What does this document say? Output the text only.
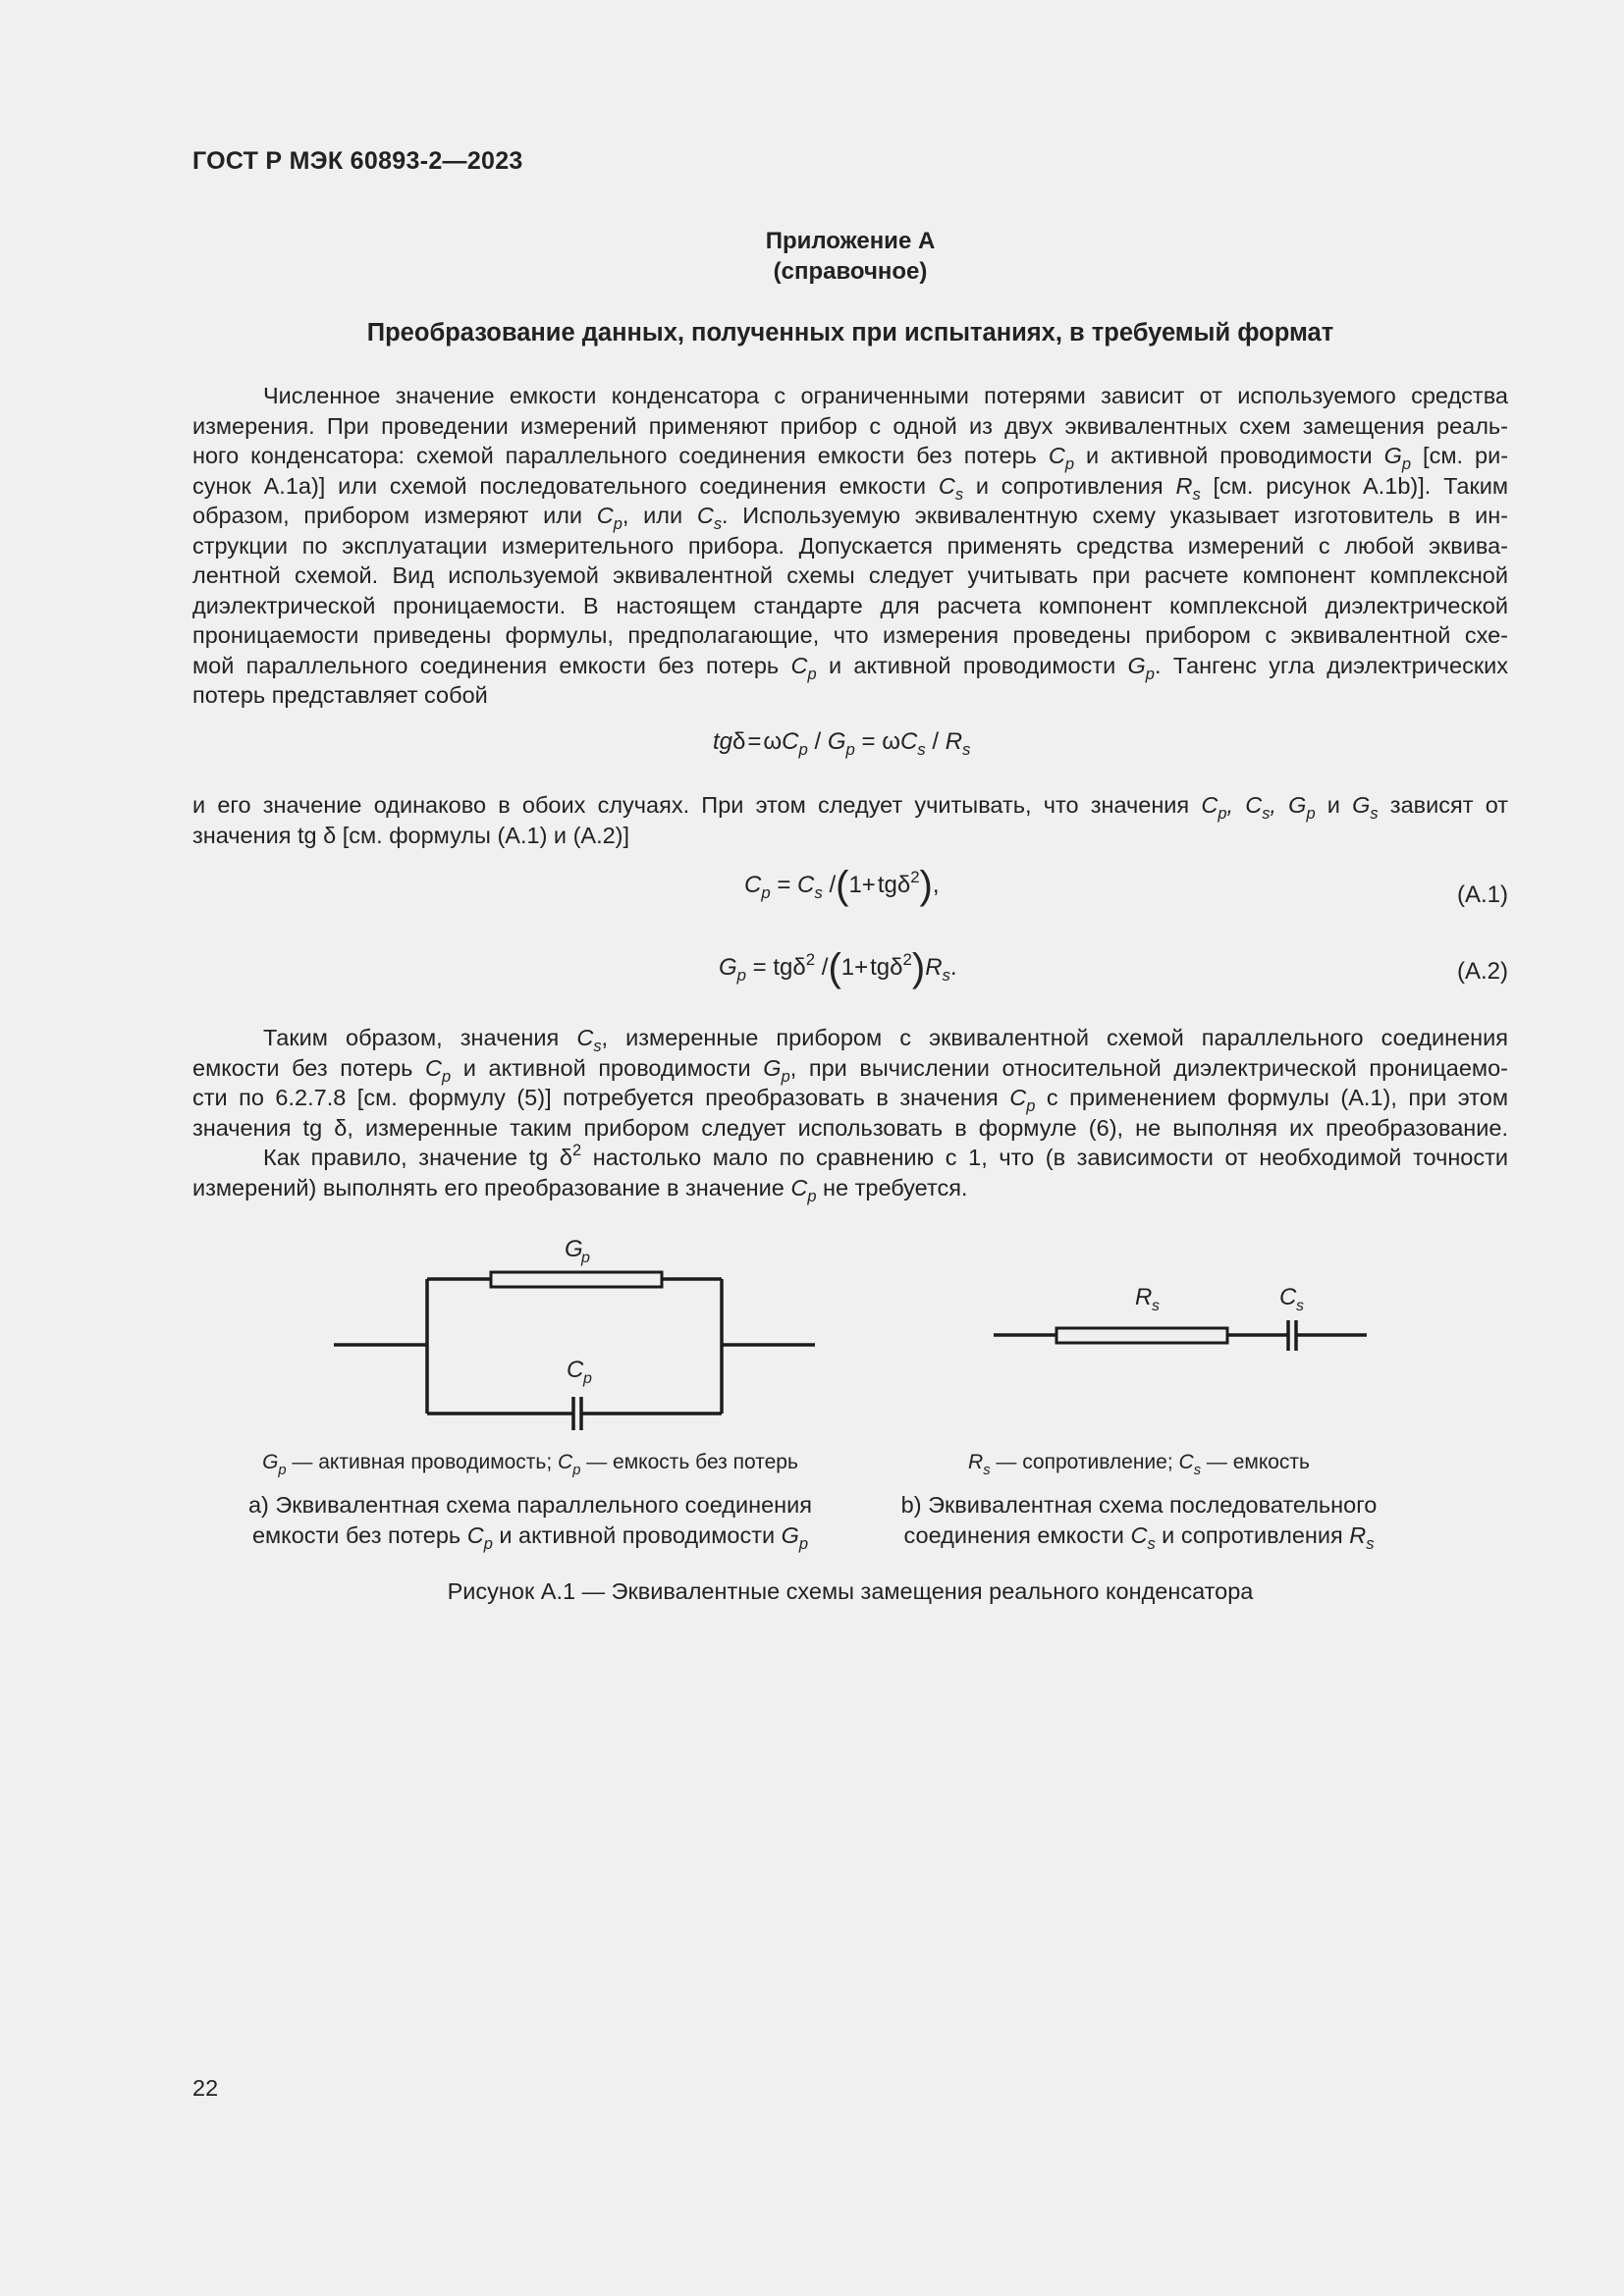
ГОСТ Р МЭК 60893-2—2023
Приложение А
(справочное)
Преобразование данных, полученных при испытаниях, в требуемый формат
Численное значение емкости конденсатора с ограниченными потерями зависит от используемого средства
измерения. При проведении измерений применяют прибор с одной из двух эквивалентных схем замещения реаль-
ного конденсатора: схемой параллельного соединения емкости без потерь $C_p$ и активной проводимости $G_p$ [см. ри-
сунок А.1а)] или схемой последовательного соединения емкости $C_s$ и сопротивления $R_s$ [см. рисунок А.1b)]. Таким
образом, прибором измеряют или $C_p$, или $C_s$. Используемую эквивалентную схему указывает изготовитель в ин-
струкции по эксплуатации измерительного прибора. Допускается применять средства измерений с любой эквива-
лентной схемой. Вид используемой эквивалентной схемы следует учитывать при расчете компонент комплексной
диэлектрической проницаемости. В настоящем стандарте для расчета компонент комплексной диэлектрической
проницаемости приведены формулы, предполагающие, что измерения проведены прибором с эквивалентной схе-
мой параллельного соединения емкости без потерь $C_p$ и активной проводимости $G_p$. Тангенс угла диэлектрических
потерь представляет собой
tgδ = $\omega C_p / G_p = \omega C_s / R_s$
и его значение одинаково в обоих случаях. При этом следует учитывать, что значения $C_p$, $C_s$, $G_p$ и $G_s$ зависят от
значения tg δ [см. формулы (А.1) и (А.2)]
$C_p = C_s$ /(1+ tgδ$^2$),	(А.1)
$G_p = tg\delta^2$ /(1+ $tg\delta^2)R_s$.	(А.2)
Таким образом, значения $C_s$, измеренные прибором с эквивалентной схемой параллельного соединения
емкости без потерь $C_p$ и активной проводимости $G_p$, при вычислении относительной диэлектрической проницаемо-
сти по 6.2.7.8 [см. формулу (5)] потребуется преобразовать в значения $C_p$ с применением формулы (А.1), при этом
значения tg δ, измеренные таким прибором следует использовать в формуле (6), не выполняя их преобразование.
Как правило, значение tg $\delta^2$ настолько мало по сравнению с 1, что (в зависимости от необходимой точности
измерений) выполнять его преобразование в значение $C_p$ не требуется.
G
p
C p
R s	C s
$G_p$ — активная проводимость; $C_p$ — емкость без потерь	$R_s$ — сопротивление; $C_s$ — емкость
а) Эквивалентная схема параллельного соединения
емкости без потерь $C_p$ и активной проводимости $G_p$
b) Эквивалентная схема последовательного
соединения емкости $C_s$ и сопротивления $R_s$
Рисунок А.1 — Эквивалентные схемы замещения реального конденсатора
22
